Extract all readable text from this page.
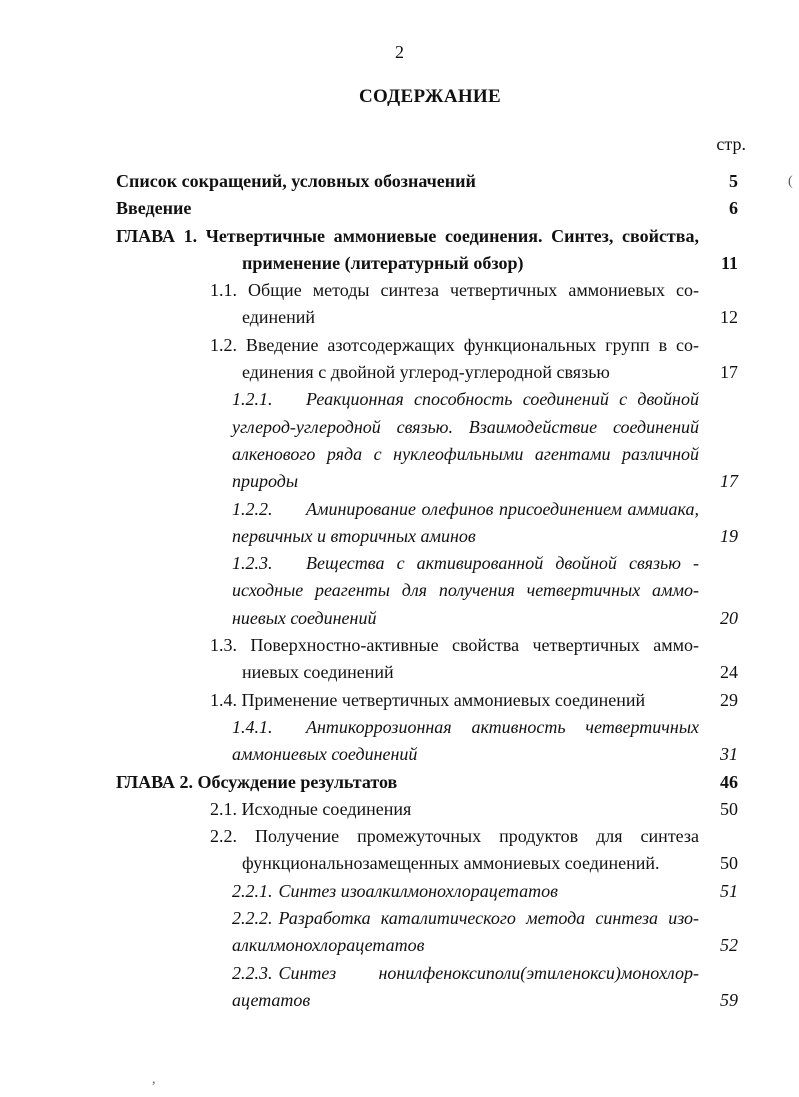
2
СОДЕРЖАНИЕ
стр.
(
,
Список сокращений, условных обозначений	5
Введение	6
ГЛАВА 1. Четвертичные аммониевые соединения. Синтез, свойства, применение (литературный обзор)	11
1.1. Общие методы синтеза четвертичных аммониевых соединений	12
1.2. Введение азотсодержащих функциональных групп в соединения с двойной углерод-углеродной связью	17
1.2.1. Реакционная способность соединений с двойной углерод-углеродной связью. Взаимодействие соединений алкенового ряда с нуклеофильными агентами различной природы	17
1.2.2. Аминирование олефинов присоединением аммиака, первичных и вторичных аминов	19
1.2.3. Вещества с активированной двойной связью - исходные реагенты для получения четвертичных аммониевых соединений	20
1.3. Поверхностно-активные свойства четвертичных аммониевых соединений	24
1.4. Применение четвертичных аммониевых соединений	29
1.4.1. Антикоррозионная активность четвертичных аммониевых соединений	31
ГЛАВА 2. Обсуждение результатов	46
2.1. Исходные соединения	50
2.2. Получение промежуточных продуктов для синтеза функциональнозамещенных аммониевых соединений.	50
2.2.1. Синтез изоалкилмонохлорацетатов	51
2.2.2. Разработка каталитического метода синтеза изоалкилмонохлорацетатов	52
2.2.3. Синтез нонилфеноксиполи(этиленокси)монохлорацетатов	59
